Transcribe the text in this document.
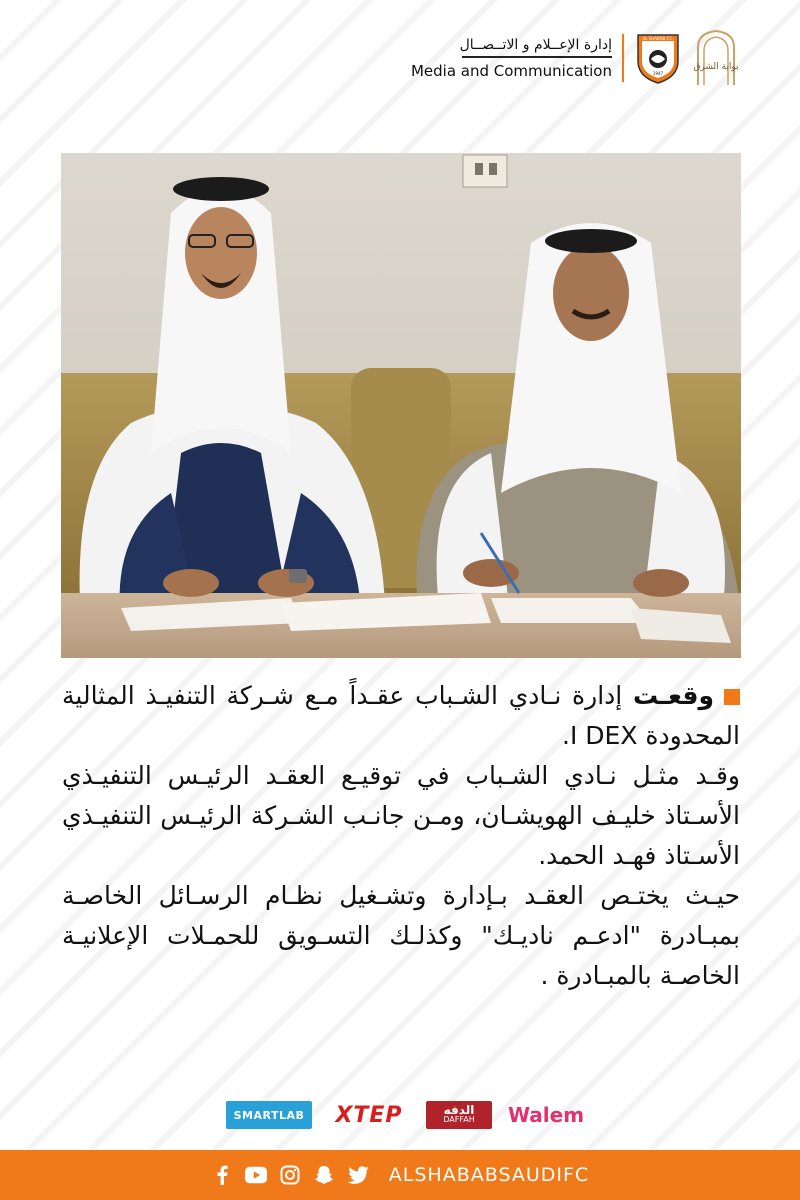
إدارة الإعــلام و الاتــصــال
Media and Communication
AL SHABAB F.C.
1947
بوابة الشرق

وقعـت إدارة نـادي الشـباب عقـداً مـع شـركة التنفيـذ المثالية المحدودة I DEX.

وقـد مثـل نـادي الشـباب في توقيـع العقـد الرئيـس التنفيـذي الأسـتاذ خليـف الهويشـان، ومـن جانـب الشـركة الرئيـس التنفيـذي الأسـتاذ فهـد الحمد.

حيـث يختـص العقـد بـإدارة وتشـغيل نظـام الرسـائل الخاصـة بمبـادرة "ادعـم ناديـك" وكذلـك التسـويق للحمـلات الإعلانيـة الخاصـة بالمبـادرة .

SMARTLAB	XTEP	الدفه
DAFFAH Walem
ALSHABABSAUDIFC
